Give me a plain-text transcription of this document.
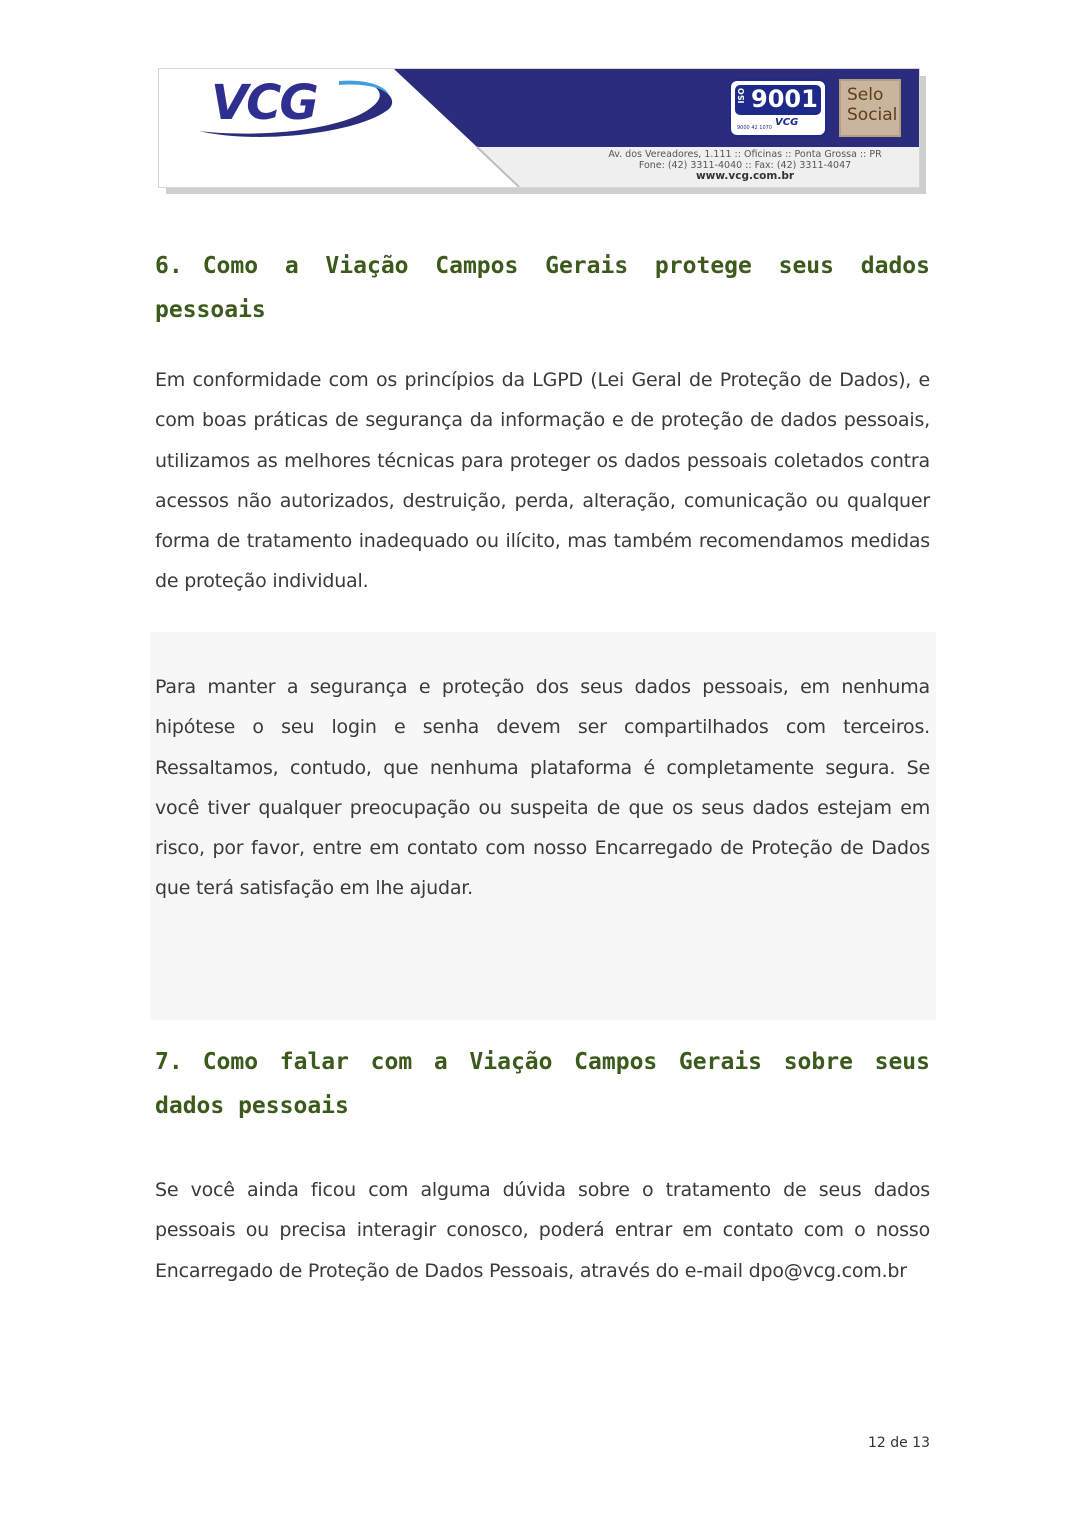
VCG	ISO 9001
9000 42 1070 VCG
Selo
Social
Av. dos Vereadores, 1.111 :: Oficinas :: Ponta Grossa :: PR
Fone: (42) 3311-4040 :: Fax: (42) 3311-4047
www.vcg.com.br
6. Como a Viação Campos Gerais protege seus dados pessoais

Em conformidade com os princípios da LGPD (Lei Geral de Proteção de Dados), e com boas práticas de segurança da informação e de proteção de dados pessoais, utilizamos as melhores técnicas para proteger os dados pessoais coletados contra acessos não autorizados, destruição, perda, alteração, comunicação ou qualquer forma de tratamento inadequado ou ilícito, mas também recomendamos medidas de proteção individual.

Para manter a segurança e proteção dos seus dados pessoais, em nenhuma hipótese o seu login e senha devem ser compartilhados com terceiros. Ressaltamos, contudo, que nenhuma plataforma é completamente segura. Se você tiver qualquer preocupação ou suspeita de que os seus dados estejam em risco, por favor, entre em contato com nosso Encarregado de Proteção de Dados que terá satisfação em lhe ajudar.

7. Como falar com a Viação Campos Gerais sobre seus dados pessoais

Se você ainda ficou com alguma dúvida sobre o tratamento de seus dados pessoais ou precisa interagir conosco, poderá entrar em contato com o nosso Encarregado de Proteção de Dados Pessoais, através do e-mail dpo@vcg.com.br

12 de 13
